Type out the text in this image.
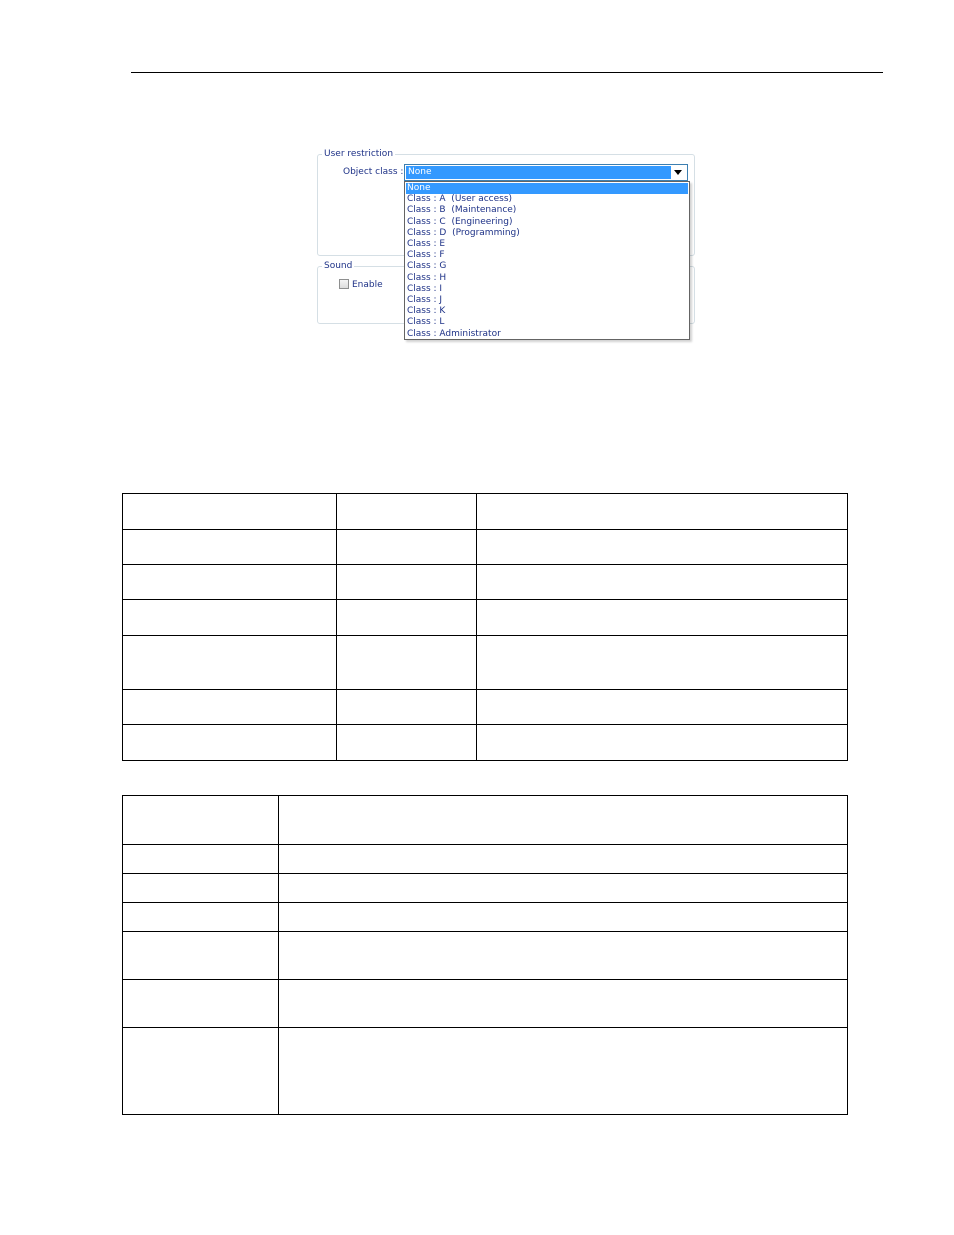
User restriction
Object class :
Sound
Enable
None
None
Class : A  (User access)
Class : B  (Maintenance)
Class : C  (Engineering)
Class : D  (Programming)
Class : E
Class : F
Class : G
Class : H
Class : I
Class : J
Class : K
Class : L
Class : Administrator
